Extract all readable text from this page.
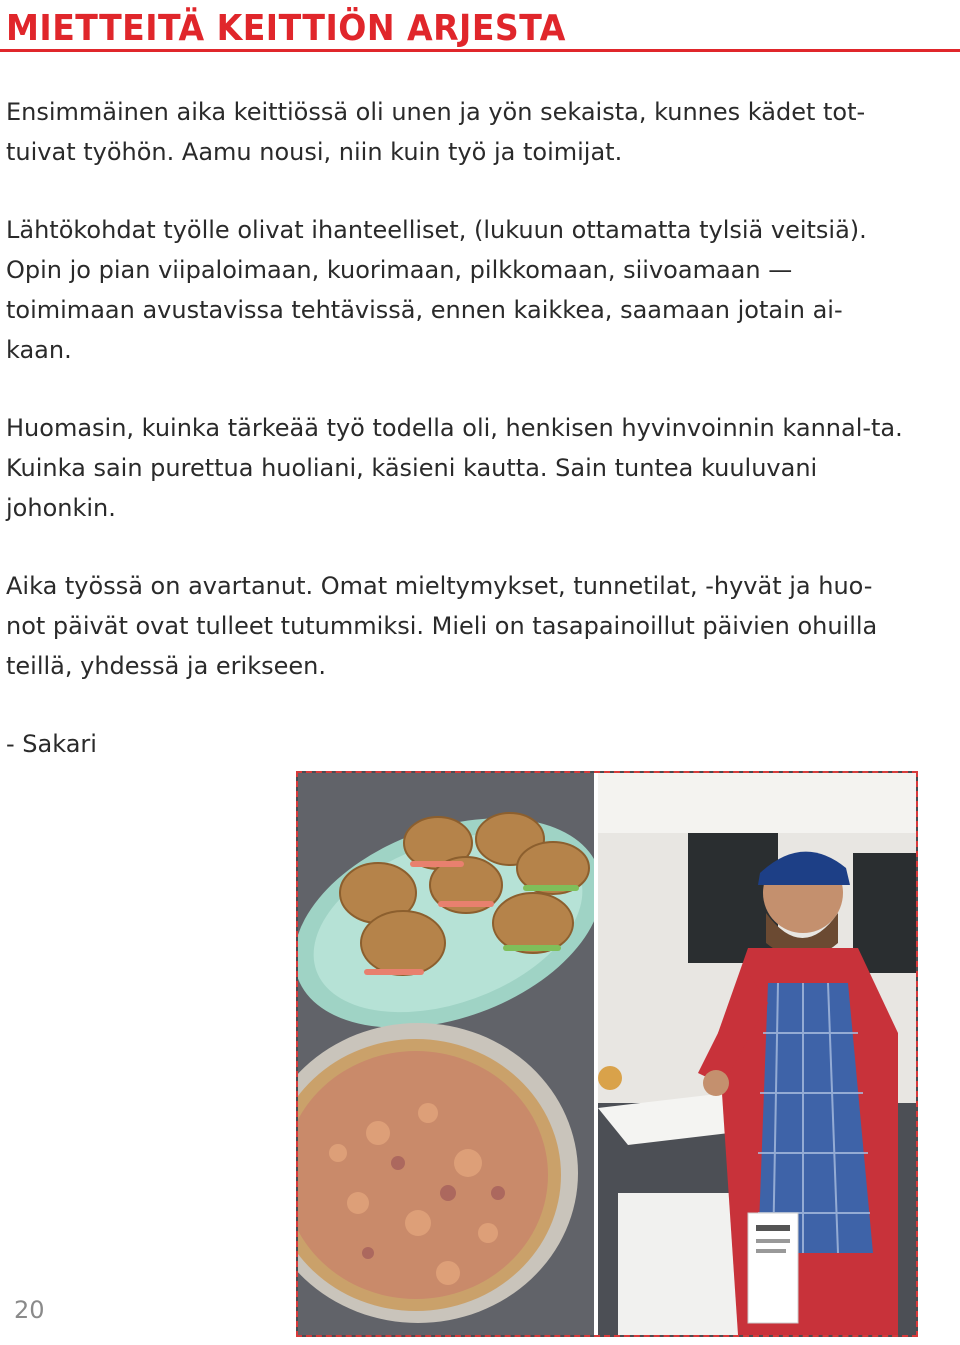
MIETTEITÄ KEITTIÖN ARJESTA

Ensimmäinen aika keittiössä oli unen ja yön sekaista, kunnes kädet tot-tuivat työhön. Aamu nousi, niin kuin työ ja toimijat.

Lähtökohdat työlle olivat ihanteelliset, (lukuun ottamatta tylsiä veitsiä). Opin jo pian viipaloimaan, kuorimaan, pilkkomaan, siivoamaan — toimimaan avustavissa tehtävissä, ennen kaikkea, saamaan jotain ai-kaan.

Huomasin, kuinka tärkeää työ todella oli, henkisen hyvinvoinnin kannal-ta. Kuinka sain purettua huoliani, käsieni kautta. Sain tuntea kuuluvani johonkin.

Aika työssä on avartanut. Omat mieltymykset, tunnetilat, -hyvät ja huo-not päivät ovat tulleet tutummiksi. Mieli on tasapainoillut päivien ohuilla teillä, yhdessä ja erikseen.

- Sakari

20
